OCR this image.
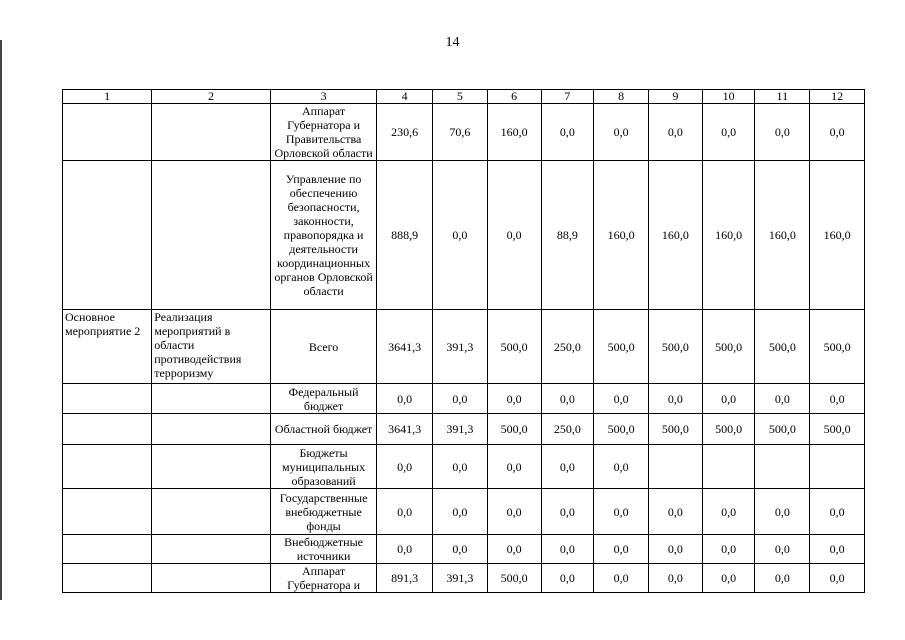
14
1	2	3	4	5	6	7	8	9	10	11	12
		Аппарат Губернатора и Правительства Орловской области	230,6	70,6	160,0	0,0	0,0	0,0	0,0	0,0	0,0
		Управление по обеспечению безопасности, законности, правопорядка и деятельности координационных органов Орловской области	888,9	0,0	0,0	88,9	160,0	160,0	160,0	160,0	160,0
Основное мероприятие 2	Реализация мероприятий в области противодействия терроризму	Всего	3641,3	391,3	500,0	250,0	500,0	500,0	500,0	500,0	500,0
		Федеральный бюджет	0,0	0,0	0,0	0,0	0,0	0,0	0,0	0,0	0,0
		Областной бюджет	3641,3	391,3	500,0	250,0	500,0	500,0	500,0	500,0	500,0
		Бюджеты муниципальных образований	0,0	0,0	0,0	0,0	0,0				
		Государственные внебюджетные фонды	0,0	0,0	0,0	0,0	0,0	0,0	0,0	0,0	0,0
		Внебюджетные источники	0,0	0,0	0,0	0,0	0,0	0,0	0,0	0,0	0,0
		Аппарат Губернатора и	891,3	391,3	500,0	0,0	0,0	0,0	0,0	0,0	0,0
